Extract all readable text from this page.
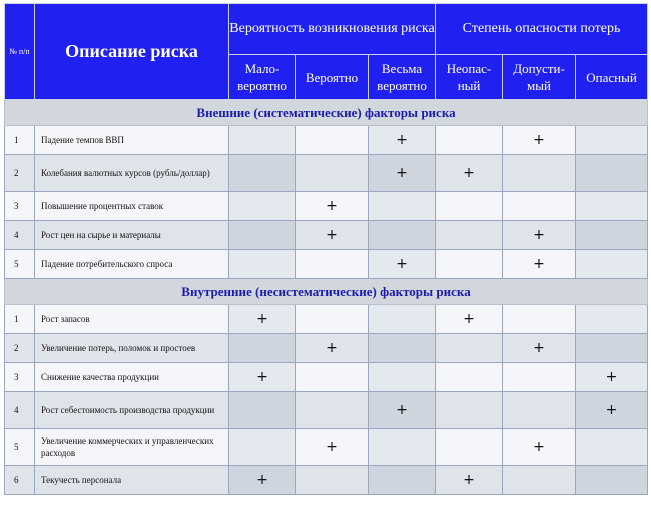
№ п/п	Описание риска	Вероятность возникновения риска			Степень опасности потерь		
		Мало-вероятно	Вероятно	Весьма вероятно	Неопас-ный	Допусти-мый	Опасный
Внешние (систематические) факторы риска							
1	Падение темпов ВВП			+		+	
2	Колебания валютных курсов (рубль/доллар)			+	+		
3	Повышение процентных ставок		+				
4	Рост цен на сырье и материалы		+			+	
5	Падение потребительского спроса			+		+	
Внутренние (несистематические) факторы риска							
1	Рост запасов	+			+		
2	Увеличение потерь, поломок и простоев		+			+	
3	Снижение качества продукции	+					+
4	Рост себестоимость производства продукции			+			+
5	Увеличение коммерческих и управленческих расходов		+			+	
6	Текучесть персонала	+			+		
